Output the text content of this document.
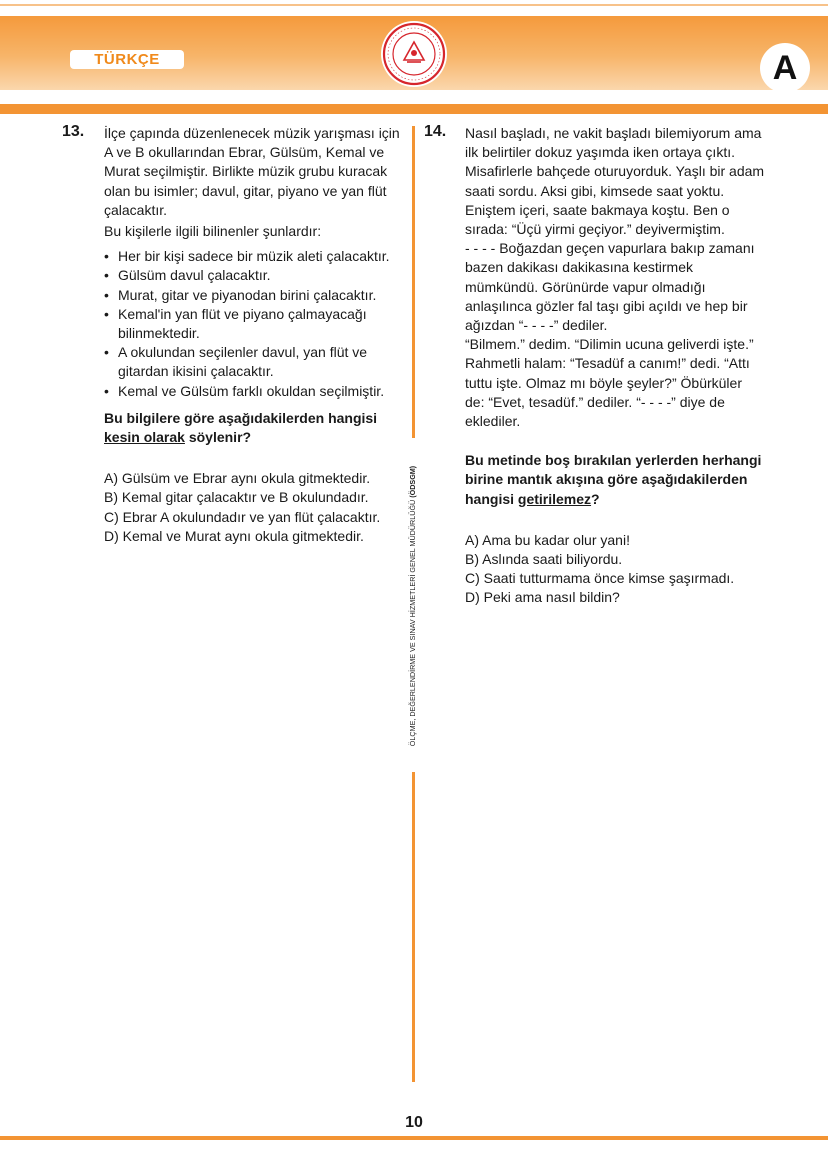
TÜRKÇE	A
ÖLÇME, DEĞERLENDİRME VE SINAV HİZMETLERİ GENEL MÜDÜRLÜĞÜ (ÖDSGM)
13. İlçe çapında düzenlenecek müzik yarışması için A ve B okullarından Ebrar, Gülsüm, Kemal ve Murat seçilmiştir. Birlikte müzik grubu kuracak olan bu isimler; davul, gitar, piyano ve yan flüt çalacaktır.

Bu kişilerle ilgili bilinenler şunlardır:

• Her bir kişi sadece bir müzik aleti çalacaktır.
• Gülsüm davul çalacaktır.
• Murat, gitar ve piyanodan birini çalacaktır.
• Kemal'in yan flüt ve piyano çalmayacağı bilinmektedir.
• A okulundan seçilenler davul, yan flüt ve gitardan ikisini çalacaktır.
• Kemal ve Gülsüm farklı okuldan seçilmiştir.

Bu bilgilere göre aşağıdakilerden hangisi kesin olarak söylenir?

A) Gülsüm ve Ebrar aynı okula gitmektedir.

B) Kemal gitar çalacaktır ve B okulundadır.

C) Ebrar A okulundadır ve yan flüt çalacaktır.

D) Kemal ve Murat aynı okula gitmektedir.

14. Nasıl başladı, ne vakit başladı bilemiyorum ama ilk belirtiler dokuz yaşımda iken ortaya çıktı. Misafirlerle bahçede oturuyorduk. Yaşlı bir adam saati sordu. Aksi gibi, kimsede saat yoktu. Eniştem içeri, saate bakmaya koştu. Ben o sırada: “Üçü yirmi geçiyor.” deyivermiştim.

- - - - Boğazdan geçen vapurlara bakıp zamanı bazen dakikası dakikasına kestirmek mümkündü. Görünürde vapur olmadığı anlaşılınca gözler fal taşı gibi açıldı ve hep bir ağızdan “- - - -” dediler.

“Bilmem.” dedim. “Dilimin ucuna geliverdi işte.”

Rahmetli halam: “Tesadüf a canım!” dedi. “Attı tuttu işte. Olmaz mı böyle şeyler?” Öbürküler de: “Evet, tesadüf.” dediler. “- - - -” diye de eklediler.

Bu metinde boş bırakılan yerlerden herhangi birine mantık akışına göre aşağıdakilerden hangisi getirilemez?

A) Ama bu kadar olur yani!

B) Aslında saati biliyordu.

C) Saati tutturmama önce kimse şaşırmadı.

D) Peki ama nasıl bildin?

10
